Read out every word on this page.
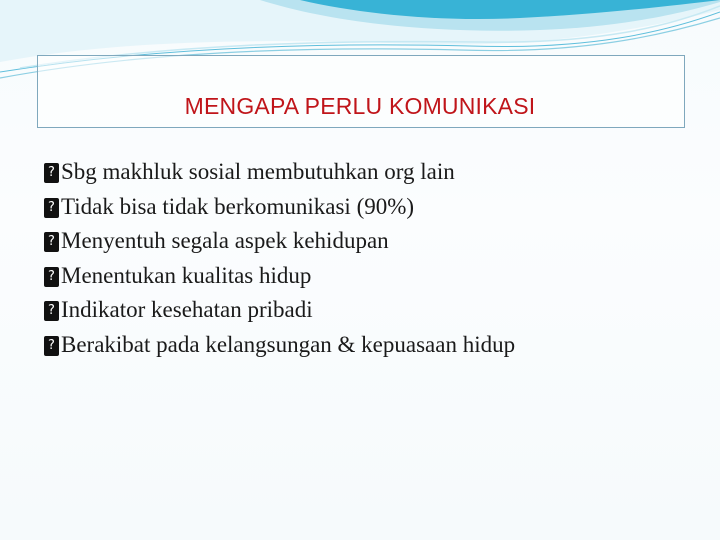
MENGAPA PERLU KOMUNIKASI
? Sbg makhluk sosial membutuhkan org lain
? Tidak bisa tidak berkomunikasi (90%)
? Menyentuh segala aspek kehidupan
? Menentukan kualitas hidup
? Indikator kesehatan pribadi
? Berakibat pada kelangsungan & kepuasaan hidup
